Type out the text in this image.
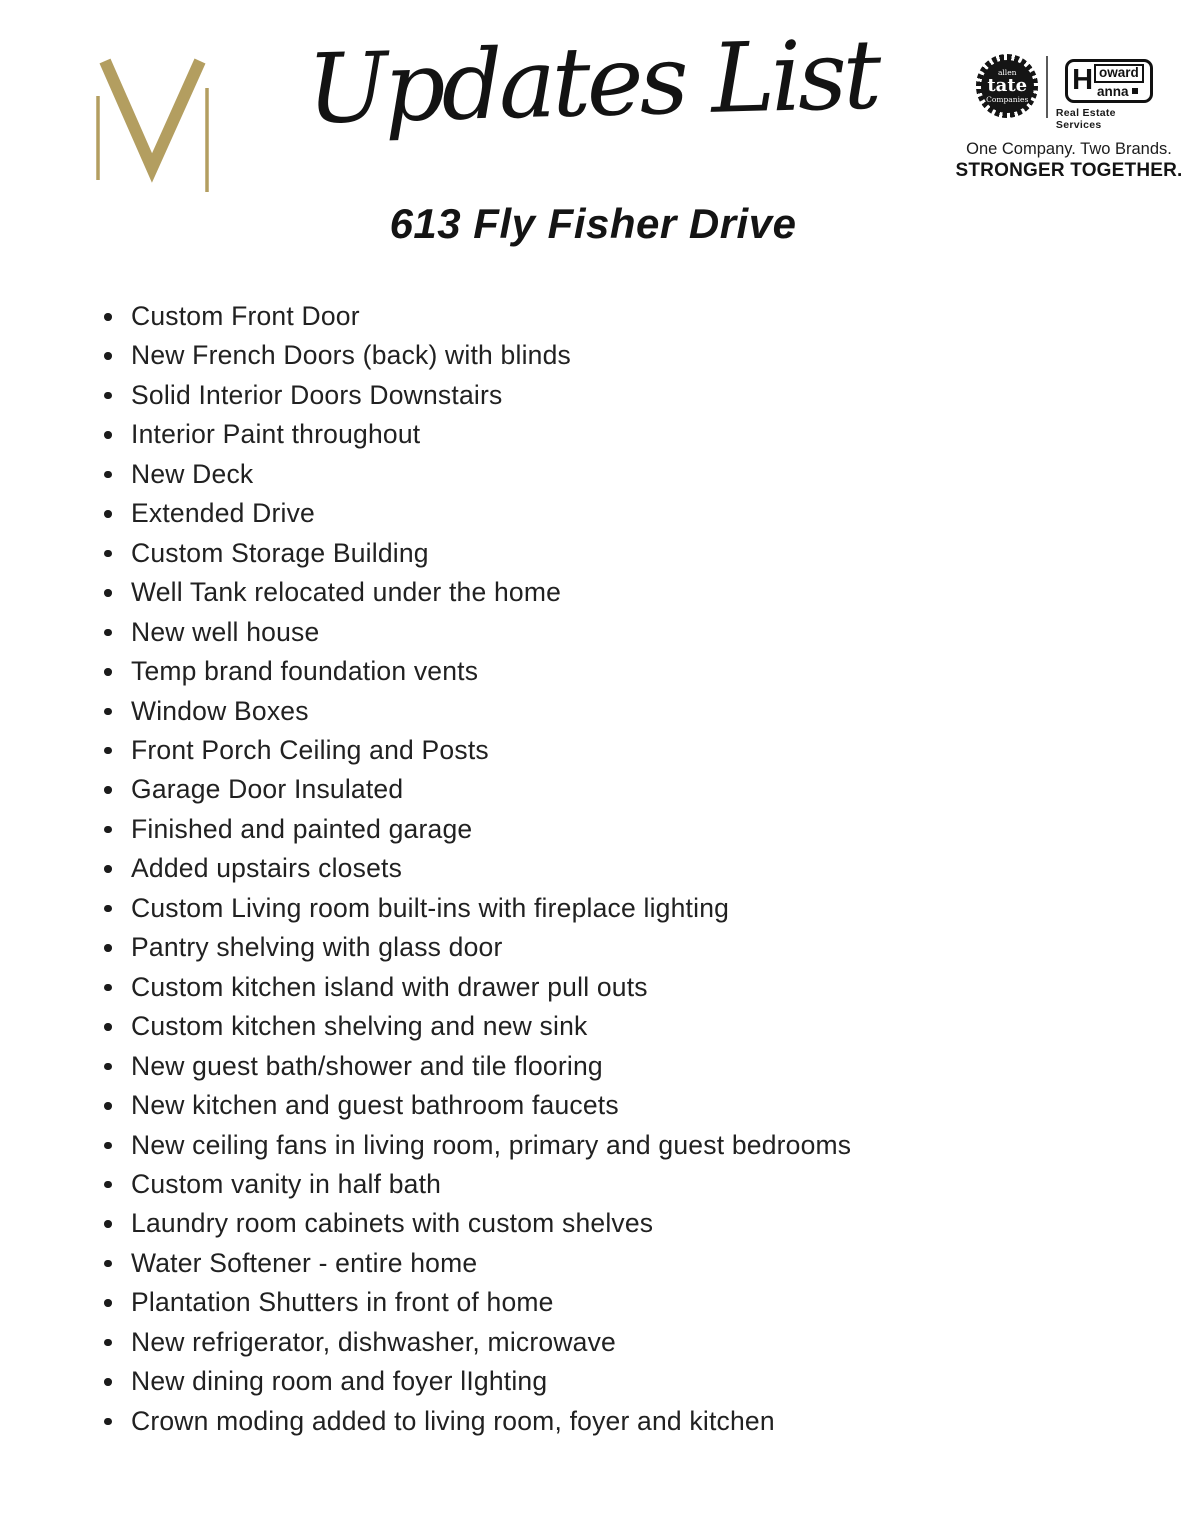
Updates List	allen
tate
Companies
H oward
anna
Real Estate Services
One Company. Two Brands.
STRONGER TOGETHER.
613 Fly Fisher Drive
Custom Front Door
New French Doors (back) with blinds
Solid Interior Doors Downstairs
Interior Paint throughout
New Deck
Extended Drive
Custom Storage Building
Well Tank relocated under the home
New well house
Temp brand foundation vents
Window Boxes
Front Porch Ceiling and Posts
Garage Door Insulated
Finished and painted garage
Added upstairs closets
Custom Living room built-ins with fireplace lighting
Pantry shelving with glass door
Custom kitchen island with drawer pull outs
Custom kitchen shelving and new sink
New guest bath/shower and tile flooring
New kitchen and guest bathroom faucets
New ceiling fans in living room, primary and guest bedrooms
Custom vanity in half bath
Laundry room cabinets with custom shelves
Water Softener - entire home
Plantation Shutters in front of home
New refrigerator, dishwasher, microwave
New dining room and foyer lIghting
Crown moding added to living room, foyer and kitchen
